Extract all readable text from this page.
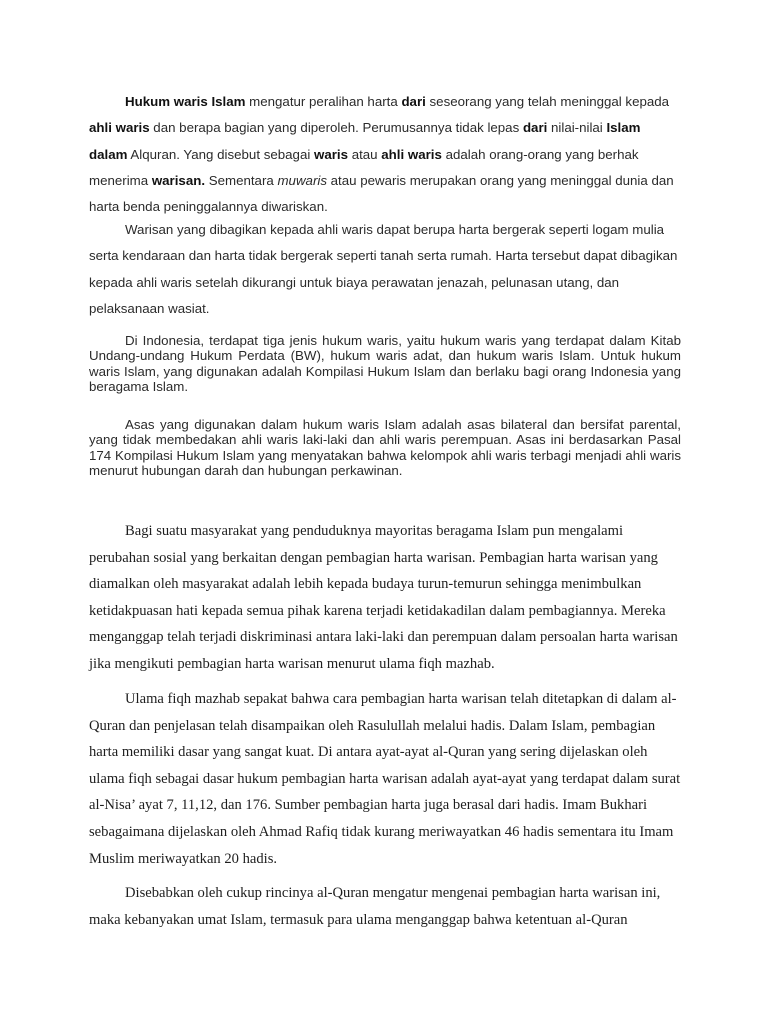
Hukum waris Islam mengatur peralihan harta dari seseorang yang telah meninggal kepada ahli waris dan berapa bagian yang diperoleh. Perumusannya tidak lepas dari nilai-nilai Islam dalam Alquran. Yang disebut sebagai waris atau ahli waris adalah orang-orang yang berhak menerima warisan. Sementara muwaris atau pewaris merupakan orang yang meninggal dunia dan harta benda peninggalannya diwariskan.

Warisan yang dibagikan kepada ahli waris dapat berupa harta bergerak seperti logam mulia serta kendaraan dan harta tidak bergerak seperti tanah serta rumah. Harta tersebut dapat dibagikan kepada ahli waris setelah dikurangi untuk biaya perawatan jenazah, pelunasan utang, dan pelaksanaan wasiat.

Di Indonesia, terdapat tiga jenis hukum waris, yaitu hukum waris yang terdapat dalam Kitab Undang-undang Hukum Perdata (BW), hukum waris adat, dan hukum waris Islam. Untuk hukum waris Islam, yang digunakan adalah Kompilasi Hukum Islam dan berlaku bagi orang Indonesia yang beragama Islam.

Asas yang digunakan dalam hukum waris Islam adalah asas bilateral dan bersifat parental, yang tidak membedakan ahli waris laki-laki dan ahli waris perempuan. Asas ini berdasarkan Pasal 174 Kompilasi Hukum Islam yang menyatakan bahwa kelompok ahli waris terbagi menjadi ahli waris menurut hubungan darah dan hubungan perkawinan.

Bagi suatu masyarakat yang penduduknya mayoritas beragama Islam pun mengalami perubahan sosial yang berkaitan dengan pembagian harta warisan. Pembagian harta warisan yang diamalkan oleh masyarakat adalah lebih kepada budaya turun-temurun sehingga menimbulkan ketidakpuasan hati kepada semua pihak karena terjadi ketidakadilan dalam pembagiannya. Mereka menganggap telah terjadi diskriminasi antara laki-laki dan perempuan dalam persoalan harta warisan jika mengikuti pembagian harta warisan menurut ulama fiqh mazhab.

Ulama fiqh mazhab sepakat bahwa cara pembagian harta warisan telah ditetapkan di dalam al-Quran dan penjelasan telah disampaikan oleh Rasulullah melalui hadis. Dalam Islam, pembagian harta memiliki dasar yang sangat kuat. Di antara ayat-ayat al-Quran yang sering dijelaskan oleh ulama fiqh sebagai dasar hukum pembagian harta warisan adalah ayat-ayat yang terdapat dalam surat al-Nisa’ ayat 7, 11,12, dan 176. Sumber pembagian harta juga berasal dari hadis. Imam Bukhari sebagaimana dijelaskan oleh Ahmad Rafiq tidak kurang meriwayatkan 46 hadis sementara itu Imam Muslim meriwayatkan 20 hadis.

Disebabkan oleh cukup rincinya al-Quran mengatur mengenai pembagian harta warisan ini, maka kebanyakan umat Islam, termasuk para ulama menganggap bahwa ketentuan al-Quran
